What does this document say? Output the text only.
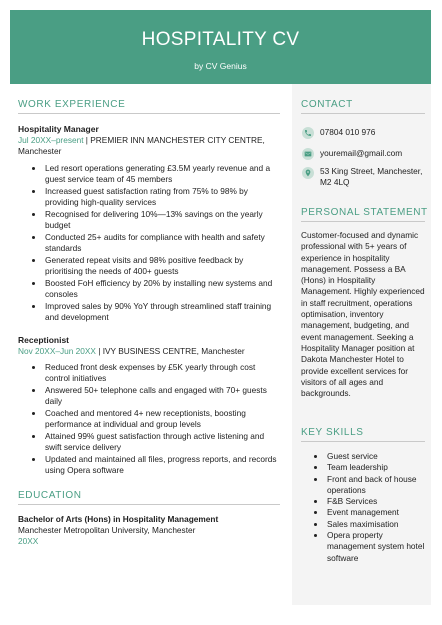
HOSPITALITY CV
by CV Genius
WORK EXPERIENCE
Hospitality Manager
Jul 20XX–present | PREMIER INN MANCHESTER CITY CENTRE,
Manchester
Led resort operations generating £3.5M yearly revenue and a guest service team of 45 members
Increased guest satisfaction rating from 75% to 98% by providing high-quality services
Recognised for delivering 10%—13% savings on the yearly budget
Conducted 25+ audits for compliance with health and safety standards
Generated repeat visits and 98% positive feedback by prioritising the needs of 400+ guests
Boosted FoH efficiency by 20% by installing new systems and consoles
Improved sales by 90% YoY through streamlined staff training and development
Receptionist
Nov 20XX–Jun 20XX | IVY BUSINESS CENTRE, Manchester
Reduced front desk expenses by £5K yearly through cost control initiatives
Answered 50+ telephone calls and engaged with 70+ guests daily
Coached and mentored 4+ new receptionists, boosting performance at individual and group levels
Attained 99% guest satisfaction through active listening and swift service delivery
Updated and maintained all files, progress reports, and records using Opera software
EDUCATION
Bachelor of Arts (Hons) in Hospitality Management
Manchester Metropolitan University, Manchester
20XX
CONTACT
07804 010 976
youremail@gmail.com
53 King Street, Manchester, M2 4LQ
PERSONAL STATEMENT
Customer-focused and dynamic professional with 5+ years of experience in hospitality management. Possess a BA (Hons) in Hospitality Management. Highly experienced in staff recruitment, operations optimisation, inventory management, budgeting, and event management. Seeking a Hospitality Manager position at Dakota Manchester Hotel to provide excellent services for visitors of all ages and backgrounds.
KEY SKILLS
Guest service
Team leadership
Front and back of house operations
F&B Services
Event management
Sales maximisation
Opera property management system hotel software
